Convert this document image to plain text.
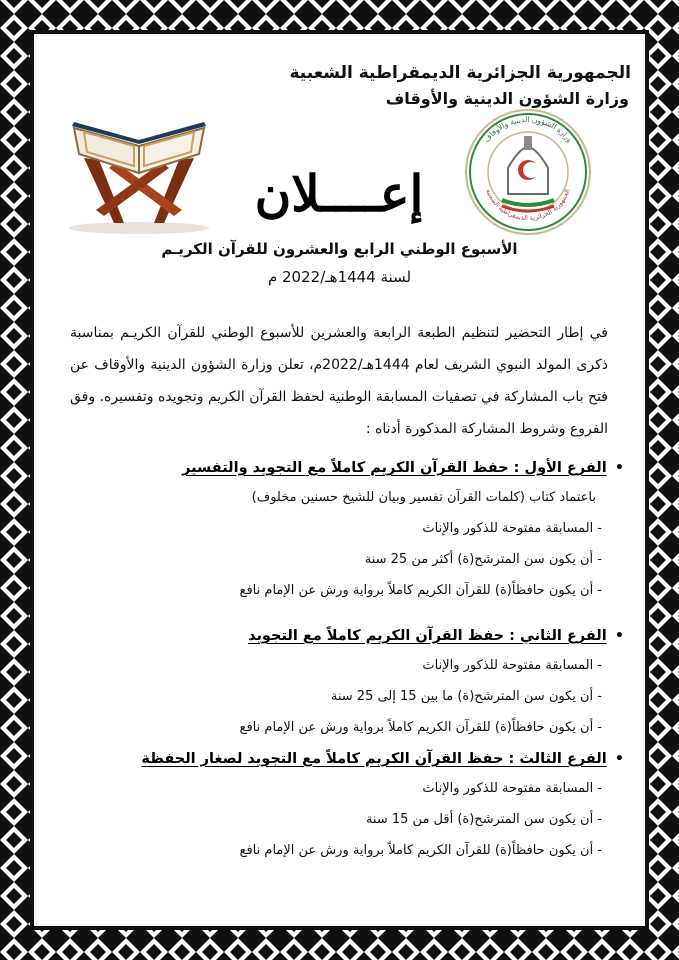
الجمهورية الجزائرية الديمقراطية الشعبية
وزارة الشؤون الدينية والأوقاف
إعــــلان
وزارة الشؤون الدينية والأوقاف
الجمهورية الجزائرية الديمقراطية الشعبية
الأسبوع الوطني الرابع والعشرون للقرآن الكريـم
لسنة 1444هـ/2022 م
في إطار التحضير لتنظيم الطبعة الرابعة والعشرين للأسبوع الوطني للقرآن الكريـم بمناسبة ذكرى المولد النبوي الشريف لعام 1444هـ/2022م، تعلن وزارة الشؤون الدينية والأوقاف عن فتح باب المشاركة في تصفيات المسابقة الوطنية لحفظ القرآن الكريم وتجويده وتفسيره. وفق الفروع وشروط المشاركة المذكورة أدناه :
•الفرع الأول : حفظ القرآن الكريم كاملاً مع التجويد والتفسير
باعتماد كتاب (كلمات القرآن تفسير وبيان للشيخ حسنين مخلوف)
- المسابقة مفتوحة للذكور والإناث
- أن يكون سن المترشح(ة) أكثر من 25 سنة
- أن يكون حافظاً(ة) للقرآن الكريم كاملاً برواية ورش عن الإمام نافع
•الفرع الثاني : حفظ القرآن الكريم كاملاً مع التجويد
- المسابقة مفتوحة للذكور والإناث
- أن يكون سن المترشح(ة) ما بين 15 إلى 25 سنة
- أن يكون حافظاً(ة) للقرآن الكريم كاملاً برواية ورش عن الإمام نافع
•الفرع الثالث : حفظ القرآن الكريم كاملاً مع التجويد لصغار الحفظة
- المسابقة مفتوحة للذكور والإناث
- أن يكون سن المترشح(ة) أقل من 15 سنة
- أن يكون حافظاً(ة) للقرآن الكريم كاملاً برواية ورش عن الإمام نافع
